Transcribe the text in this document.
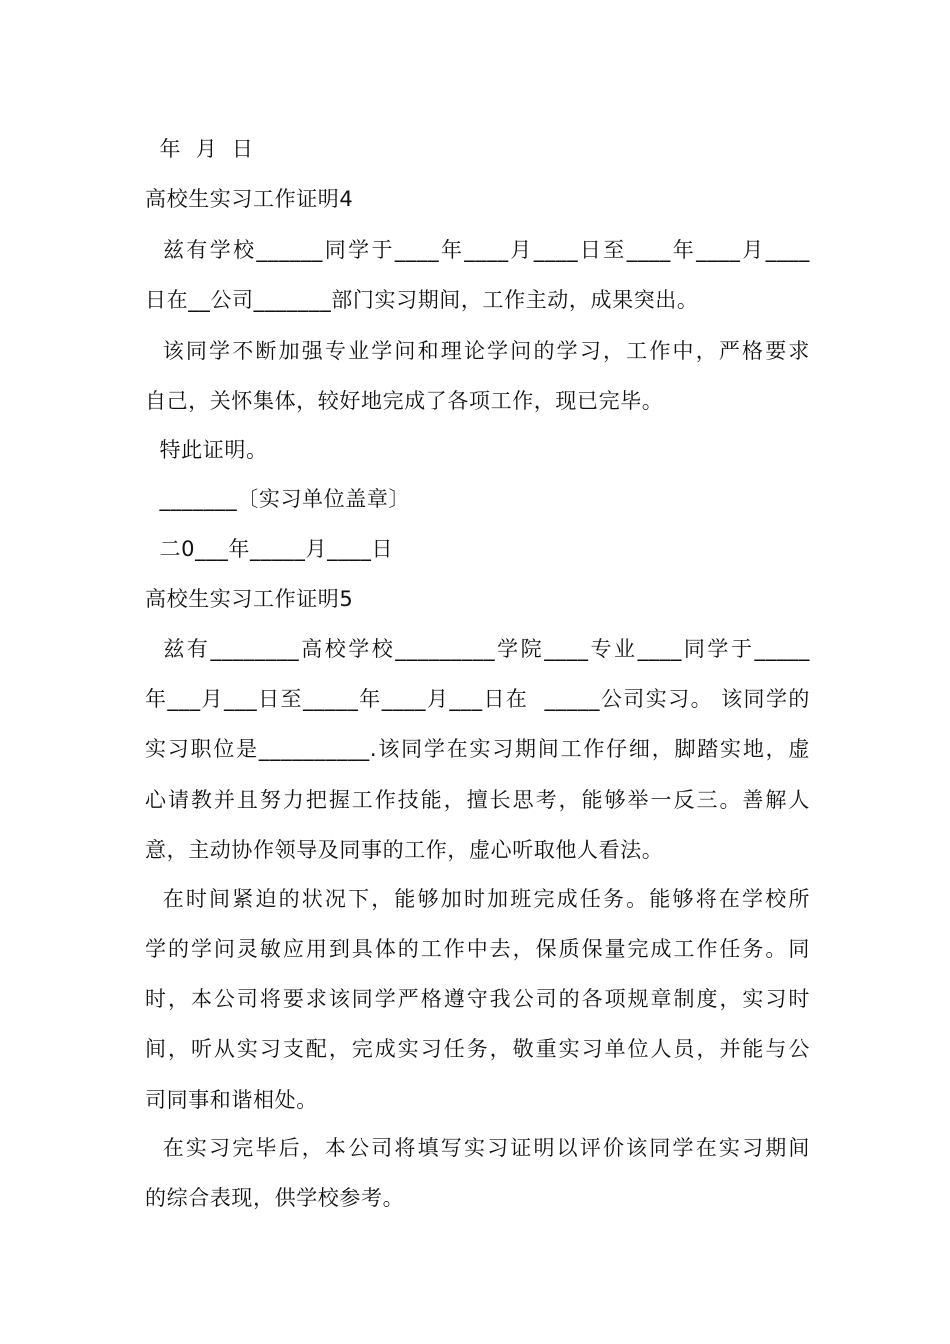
年  月  日
高校生实习工作证明4
兹有学校______同学于____年____月____日至____年____月____
日在__公司_______部门实习期间，工作主动，成果突出。
该同学不断加强专业学问和理论学问的学习，工作中，严格要求
自己，关怀集体，较好地完成了各项工作，现已完毕。
特此证明。
_______〔实习单位盖章〕
二0___年_____月____日
高校生实习工作证明5
兹有________高校学校_________学院____专业____同学于_____
年___月___日至_____年____月___日在  _____公司实习。 该同学的
实习职位是__________.该同学在实习期间工作仔细，脚踏实地，虚
心请教并且努力把握工作技能，擅长思考，能够举一反三。善解人
意，主动协作领导及同事的工作，虚心听取他人看法。
在时间紧迫的状况下，能够加时加班完成任务。能够将在学校所
学的学问灵敏应用到具体的工作中去，保质保量完成工作任务。同
时，本公司将要求该同学严格遵守我公司的各项规章制度，实习时
间，听从实习支配，完成实习任务，敬重实习单位人员，并能与公
司同事和谐相处。
在实习完毕后，本公司将填写实习证明以评价该同学在实习期间
的综合表现，供学校参考。
